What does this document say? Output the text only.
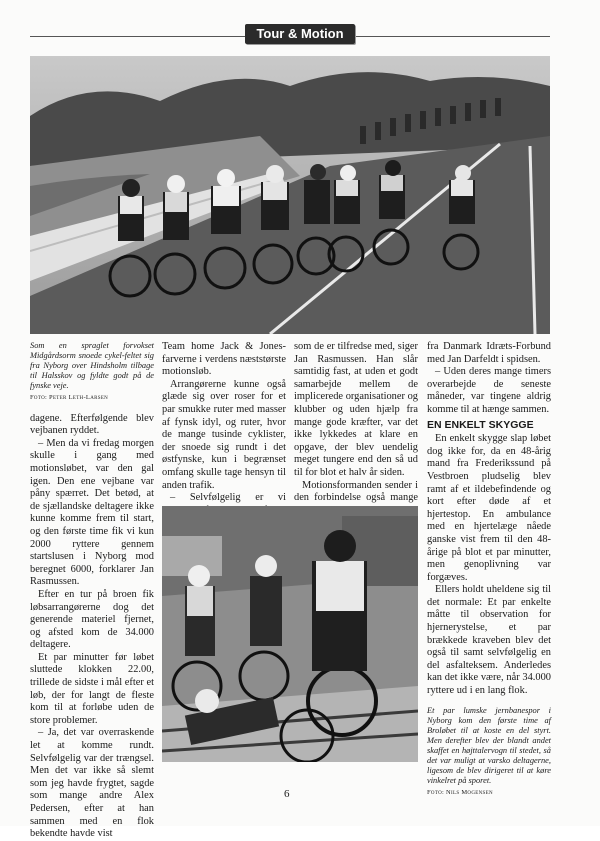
Tour & Motion
Som en spraglet forvokset Midgårdsorm snoede cykel-feltet sig fra Nyborg over Hindsholm tilbage til Halsskov og fyldte godt på de fynske veje.
Foto: Peter Leth-Larsen

dagene. Efterfølgende blev vejbanen ryddet.

– Men da vi fredag morgen skulle i gang med motionsløbet, var den gal igen. Den ene vejbane var påny spærret. Det betød, at de sjællandske deltagere ikke kunne komme frem til start, og den første time fik vi kun 2000 ryttere gennem startslusen i Nyborg mod beregnet 6000, forklarer Jan Rasmussen.

Efter en tur på broen fik løbsarrangørerne dog det generende materiel fjernet, og afsted kom de 34.000 deltagere.

Et par minutter før løbet sluttede klokken 22.00, trillede de sidste i mål efter et løb, der for langt de fleste kom til at forløbe uden de store problemer.

– Ja, det var overraskende let at komme rundt. Selvfølgelig var der trængsel. Men det var ikke så slemt som jeg havde frygtet, sagde som mange andre Alex Pedersen, efter at han sammen med en flok bekendte havde vist

Team home Jack & Jones-farverne i verdens næststørste motionsløb.

Arrangørerne kunne også glæde sig over roser for et par smukke ruter med masser af fynsk idyl, og ruter, hvor de mange tusinde cyklister, der snoede sig rundt i det østfynske, kun i begrænset omfang skulle tage hensyn til anden trafik.

– Selvfølgelig er vi

som de er tilfredse med, siger Jan Rasmussen. Han slår samtidig fast, at uden et godt samarbejde mellem de implicerede organisationer og klubber og uden hjælp fra mange gode kræfter, var det ikke lykkedes at klare en opgave, der blev uendelig meget tungere end den så ud til for blot et halv år siden.

Motionsformanden sender i den forbindelse også mange

fra Danmark Idræts-Forbund med Jan Darfeldt i spidsen.

– Uden deres mange timers overarbejde de seneste måneder, var tingene aldrig komme til at hænge sammen.

EN ENKELT SKYGGE

En enkelt skygge slap løbet dog ikke for, da en 48-årig mand fra Frederikssund på Vestbroen pludselig blev ramt af et ildebefindende og kort efter døde af et hjertestop. En ambulance med en hjertelæge nåede ganske vist frem til den 48-årige på blot et par minutter, men genoplivning var forgæves.

Ellers holdt uheldene sig til det normale: Et par enkelte måtte til observation for hjernerystelse, et par brækkede kraveben blev det også til samt selvfølgelig en del asfalteksem. Anderledes kan det ikke være, når 34.000 ryttere ud i en lang flok.

Et par lumske jernbanespor i Nyborg kom den første time af Broløbet til at koste en del styrt. Men derefter blev der blandt andet skaffet en højttalervogn til stedet, så det var muligt at varsko deltagerne, ligesom de blev dirigeret til at køre vinkelret på sporet.
Foto: Nils Mogensen
6
